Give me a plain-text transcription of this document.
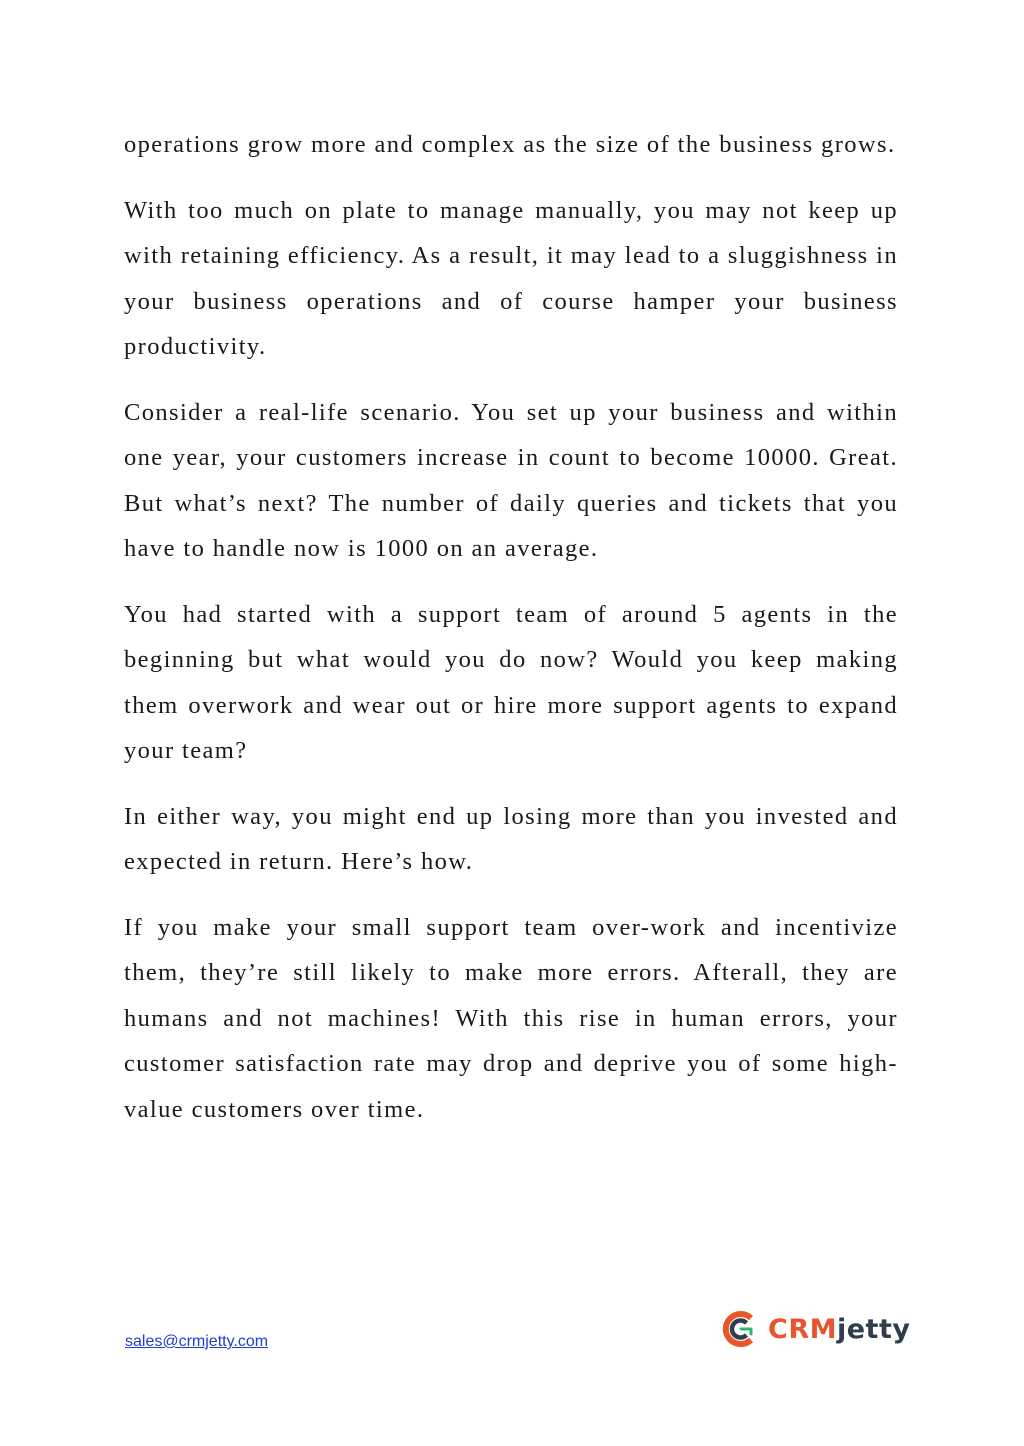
operations grow more and complex as the size of the business grows.

With too much on plate to manage manually, you may not keep up with retaining efficiency. As a result, it may lead to a sluggishness in your business operations and of course hamper your business productivity.

Consider a real-life scenario. You set up your business and within one year, your customers increase in count to become 10000. Great. But what’s next? The number of daily queries and tickets that you have to handle now is 1000 on an average.

You had started with a support team of around 5 agents in the beginning but what would you do now? Would you keep making them overwork and wear out or hire more support agents to expand your team?

In either way, you might end up losing more than you invested and expected in return. Here’s how.

If you make your small support team over-work and incentivize them, they’re still likely to make more errors. Afterall, they are humans and not machines! With this rise in human errors, your customer satisfaction rate may drop and deprive you of some high-value customers over time.

sales@crmjetty.com	CRMjetty
